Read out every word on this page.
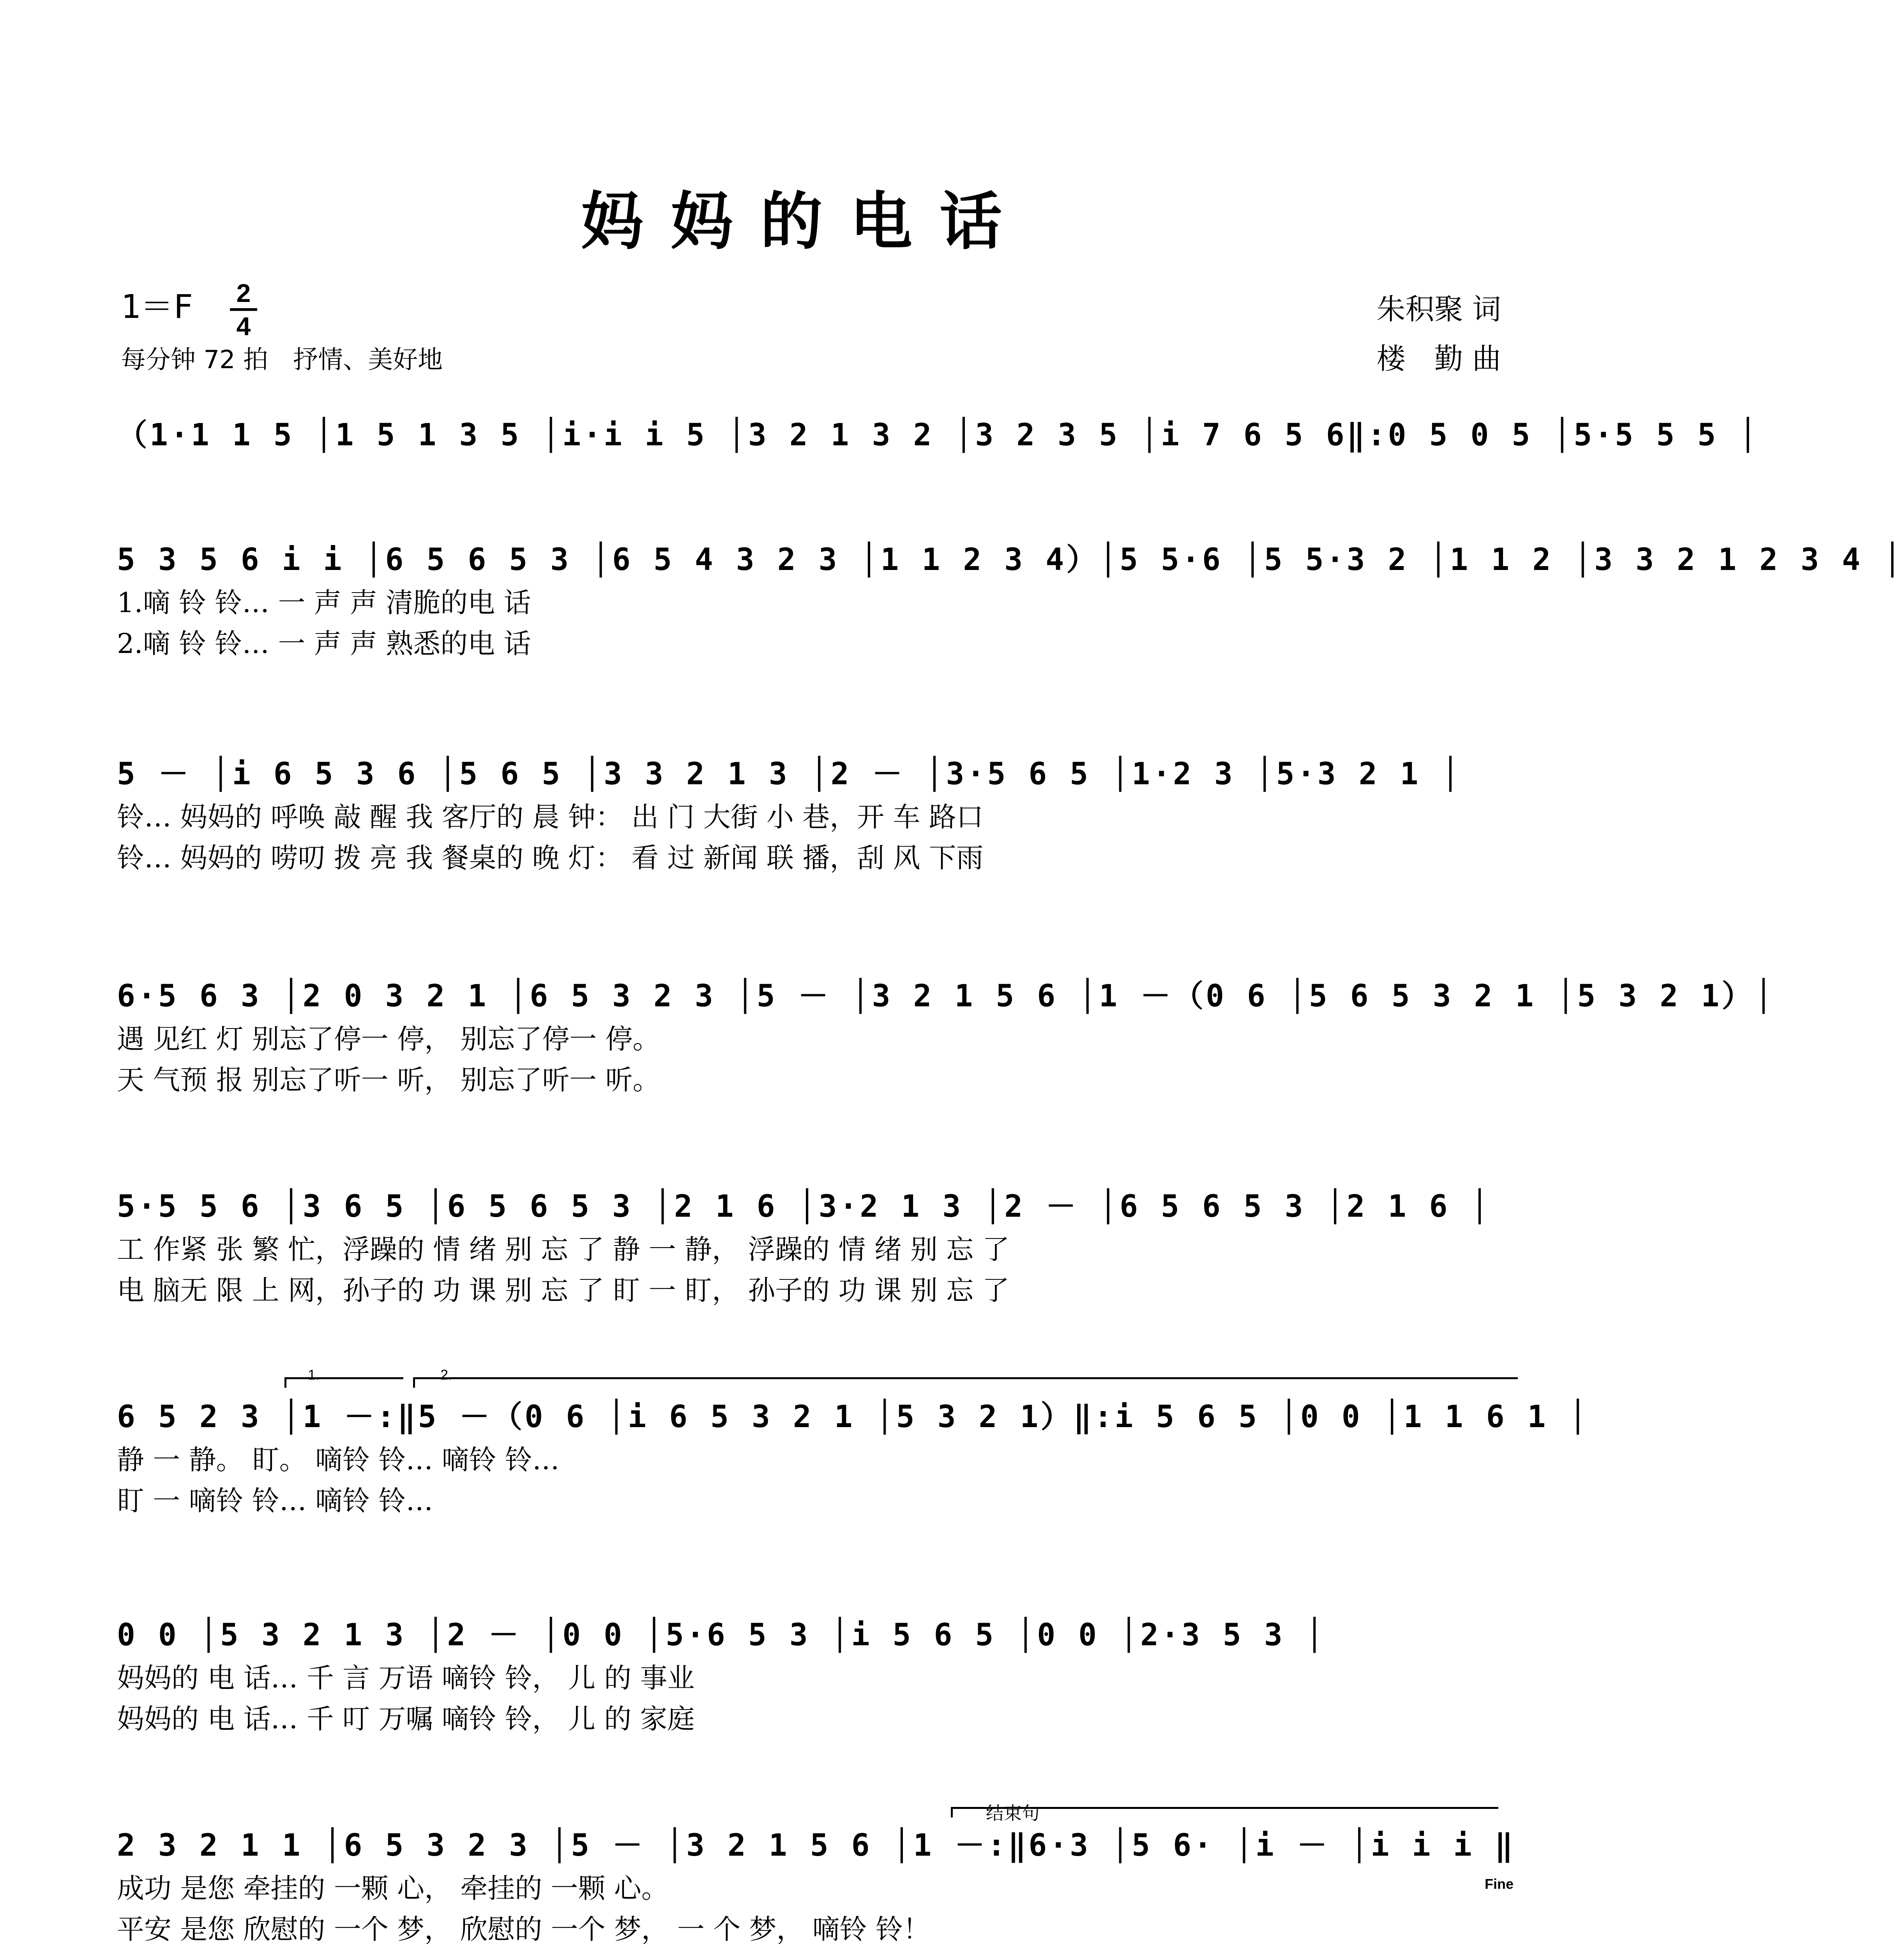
妈妈的电话
1＝F 2
4
每分钟 72 拍　抒情、美好地
朱积聚 词
楼　勤 曲
（1·1 1 5 │1 5 1 3 5 │i·i i 5 │3 2 1 3 2 │3 2 3 5 │i 7 6 5 6‖:0 5 0 5 │5·5 5 5 │
5 3 5 6 i i │6 5 6 5 3 │6 5 4 3 2 3 │1 1 2 3 4）│5 5·6 │5 5·3 2 │1 1 2 │3 3 2 1 2 3 4 │
1.嘀 铃 铃… 一 声 声 清脆的电 话
2.嘀 铃 铃… 一 声 声 熟悉的电 话
5 － │i 6 5 3 6 │5 6 5 │3 3 2 1 3 │2 － │3·5 6 5 │1·2 3 │5·3 2 1 │
铃… 妈妈的 呼唤 敲 醒 我 客厅的 晨 钟： 出 门 大街 小 巷，开 车 路口
铃… 妈妈的 唠叨 拨 亮 我 餐桌的 晚 灯： 看 过 新闻 联 播，刮 风 下雨
6·5 6 3 │2 0 3 2 1 │6 5 3 2 3 │5 － │3 2 1 5 6 │1 －（0 6 │5 6 5 3 2 1 │5 3 2 1）│
遇 见红 灯 别忘了停一 停， 别忘了停一 停。
天 气预 报 别忘了听一 听， 别忘了听一 听。
5·5 5 6 │3 6 5 │6 5 6 5 3 │2 1 6 │3·2 1 3 │2 － │6 5 6 5 3 │2 1 6 │
工 作紧 张 繁 忙，浮躁的 情 绪 别 忘 了 静 一 静， 浮躁的 情 绪 别 忘 了
电 脑无 限 上 网，孙子的 功 课 别 忘 了 盯 一 盯， 孙子的 功 课 别 忘 了
1.	2.
6 5 2 3 │1 －:‖5 －（0 6 │i 6 5 3 2 1 │5 3 2 1）‖:i 5 6 5 │0 0 │1 1 6 1 │
静 一 静。 盯。 嘀铃 铃… 嘀铃 铃…
盯 一 嘀铃 铃… 嘀铃 铃…
0 0 │5 3 2 1 3 │2 － │0 0 │5·6 5 3 │i 5 6 5 │0 0 │2·3 5 3 │
妈妈的 电 话… 千 言 万语 嘀铃 铃， 儿 的 事业
妈妈的 电 话… 千 叮 万嘱 嘀铃 铃， 儿 的 家庭
结束句
2 3 2 1 1 │6 5 3 2 3 │5 － │3 2 1 5 6 │1 －:‖6·3 │5 6· │i － │i i i ‖
成功 是您 牵挂的 一颗 心， 牵挂的 一颗 心。
平安 是您 欣慰的 一个 梦， 欣慰的 一个 梦， 一 个 梦， 嘀铃 铃！
Fine
